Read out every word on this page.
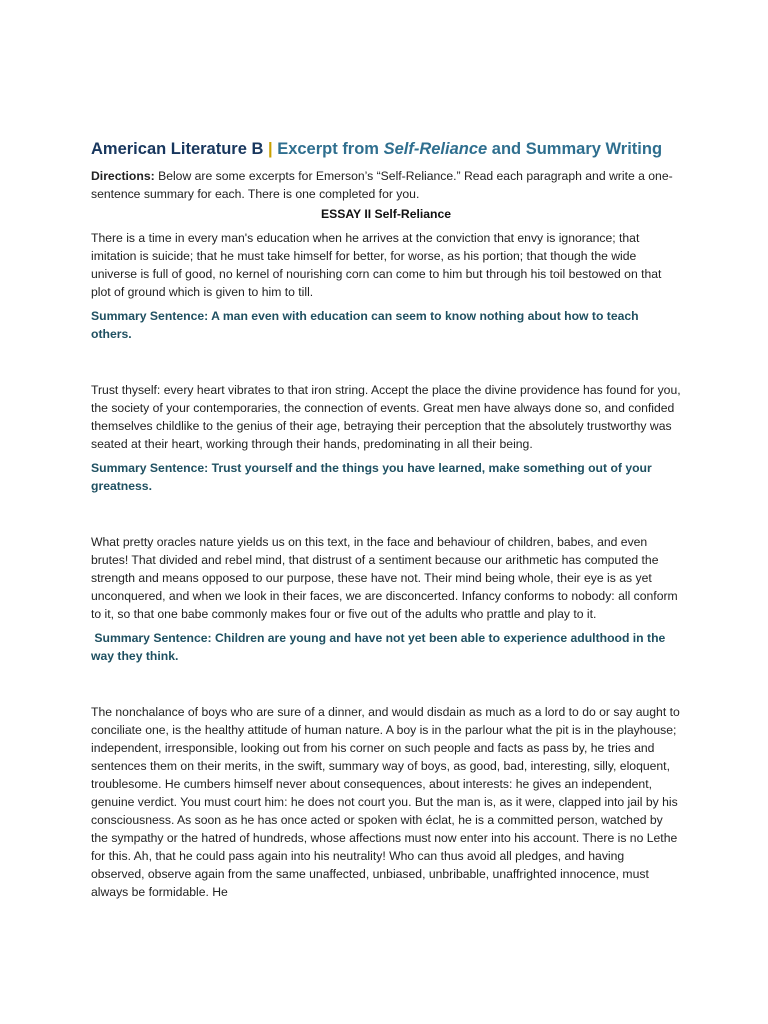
American Literature B | Excerpt from Self-Reliance and Summary Writing

Directions: Below are some excerpts for Emerson’s “Self-Reliance.” Read each paragraph and write a one-sentence summary for each. There is one completed for you.

ESSAY II Self-Reliance

There is a time in every man's education when he arrives at the conviction that envy is ignorance; that imitation is suicide; that he must take himself for better, for worse, as his portion; that though the wide universe is full of good, no kernel of nourishing corn can come to him but through his toil bestowed on that plot of ground which is given to him to till.

Summary Sentence: A man even with education can seem to know nothing about how to teach others.

Trust thyself: every heart vibrates to that iron string. Accept the place the divine providence has found for you, the society of your contemporaries, the connection of events. Great men have always done so, and confided themselves childlike to the genius of their age, betraying their perception that the absolutely trustworthy was seated at their heart, working through their hands, predominating in all their being.

Summary Sentence: Trust yourself and the things you have learned, make something out of your greatness.

What pretty oracles nature yields us on this text, in the face and behaviour of children, babes, and even brutes! That divided and rebel mind, that distrust of a sentiment because our arithmetic has computed the strength and means opposed to our purpose, these have not. Their mind being whole, their eye is as yet unconquered, and when we look in their faces, we are disconcerted. Infancy conforms to nobody: all conform to it, so that one babe commonly makes four or five out of the adults who prattle and play to it.

Summary Sentence: Children are young and have not yet been able to experience adulthood in the way they think.

The nonchalance of boys who are sure of a dinner, and would disdain as much as a lord to do or say aught to conciliate one, is the healthy attitude of human nature. A boy is in the parlour what the pit is in the playhouse; independent, irresponsible, looking out from his corner on such people and facts as pass by, he tries and sentences them on their merits, in the swift, summary way of boys, as good, bad, interesting, silly, eloquent, troublesome. He cumbers himself never about consequences, about interests: he gives an independent, genuine verdict. You must court him: he does not court you. But the man is, as it were, clapped into jail by his consciousness. As soon as he has once acted or spoken with éclat, he is a committed person, watched by the sympathy or the hatred of hundreds, whose affections must now enter into his account. There is no Lethe for this. Ah, that he could pass again into his neutrality! Who can thus avoid all pledges, and having observed, observe again from the same unaffected, unbiased, unbribable, unaffrighted innocence, must always be formidable. He
